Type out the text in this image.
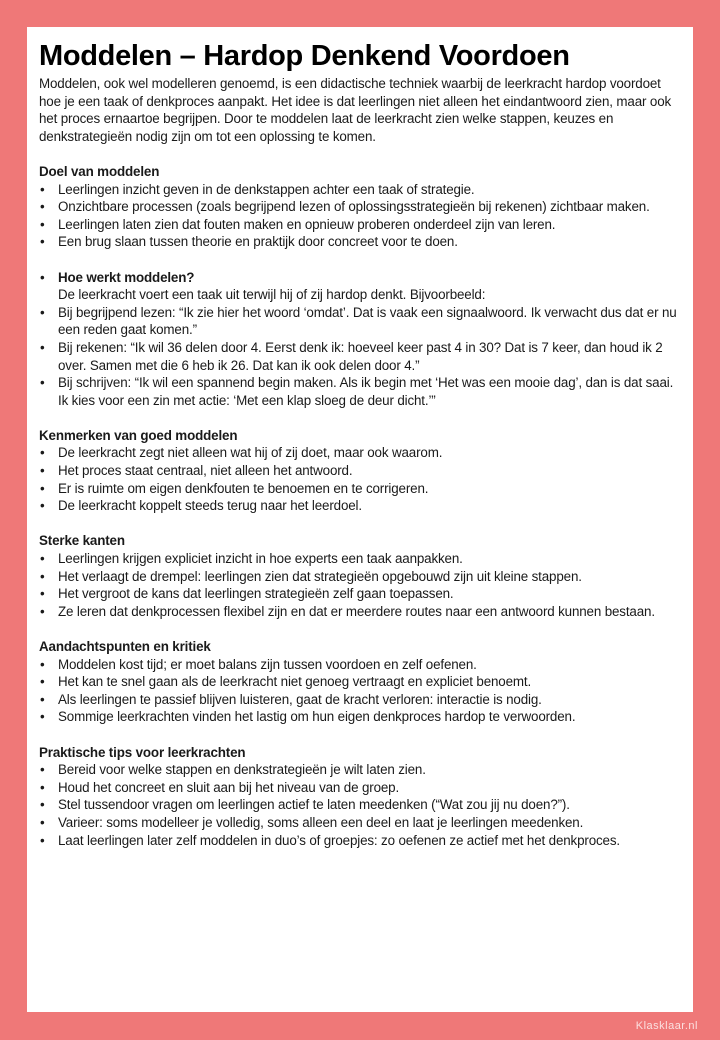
Moddelen – Hardop Denkend Voordoen

Moddelen, ook wel modelleren genoemd, is een didactische techniek waarbij de leerkracht hardop voordoet hoe je een taak of denkproces aanpakt. Het idee is dat leerlingen niet alleen het eindantwoord zien, maar ook het proces ernaartoe begrijpen. Door te moddelen laat de leerkracht zien welke stappen, keuzes en denkstrategieën nodig zijn om tot een oplossing te komen.

Doel van moddelen
• Leerlingen inzicht geven in de denkstappen achter een taak of strategie.
• Onzichtbare processen (zoals begrijpend lezen of oplossingsstrategieën bij rekenen) zichtbaar maken.
• Leerlingen laten zien dat fouten maken en opnieuw proberen onderdeel zijn van leren.
• Een brug slaan tussen theorie en praktijk door concreet voor te doen.
• Hoe werkt moddelen?
De leerkracht voert een taak uit terwijl hij of zij hardop denkt. Bijvoorbeeld:
• Bij begrijpend lezen: “Ik zie hier het woord ‘omdat’. Dat is vaak een signaalwoord. Ik verwacht dus dat er nu een reden gaat komen.”
• Bij rekenen: “Ik wil 36 delen door 4. Eerst denk ik: hoeveel keer past 4 in 30? Dat is 7 keer, dan houd ik 2 over. Samen met die 6 heb ik 26. Dat kan ik ook delen door 4.”
• Bij schrijven: “Ik wil een spannend begin maken. Als ik begin met ‘Het was een mooie dag’, dan is dat saai. Ik kies voor een zin met actie: ‘Met een klap sloeg de deur dicht.’”
Kenmerken van goed moddelen
• De leerkracht zegt niet alleen wat hij of zij doet, maar ook waarom.
• Het proces staat centraal, niet alleen het antwoord.
• Er is ruimte om eigen denkfouten te benoemen en te corrigeren.
• De leerkracht koppelt steeds terug naar het leerdoel.
Sterke kanten
• Leerlingen krijgen expliciet inzicht in hoe experts een taak aanpakken.
• Het verlaagt de drempel: leerlingen zien dat strategieën opgebouwd zijn uit kleine stappen.
• Het vergroot de kans dat leerlingen strategieën zelf gaan toepassen.
• Ze leren dat denkprocessen flexibel zijn en dat er meerdere routes naar een antwoord kunnen bestaan.
Aandachtspunten en kritiek
• Moddelen kost tijd; er moet balans zijn tussen voordoen en zelf oefenen.
• Het kan te snel gaan als de leerkracht niet genoeg vertraagt en expliciet benoemt.
• Als leerlingen te passief blijven luisteren, gaat de kracht verloren: interactie is nodig.
• Sommige leerkrachten vinden het lastig om hun eigen denkproces hardop te verwoorden.
Praktische tips voor leerkrachten
• Bereid voor welke stappen en denkstrategieën je wilt laten zien.
• Houd het concreet en sluit aan bij het niveau van de groep.
• Stel tussendoor vragen om leerlingen actief te laten meedenken (“Wat zou jij nu doen?”).
• Varieer: soms modelleer je volledig, soms alleen een deel en laat je leerlingen meedenken.
• Laat leerlingen later zelf moddelen in duo’s of groepjes: zo oefenen ze actief met het denkproces.
Klasklaar.nl
